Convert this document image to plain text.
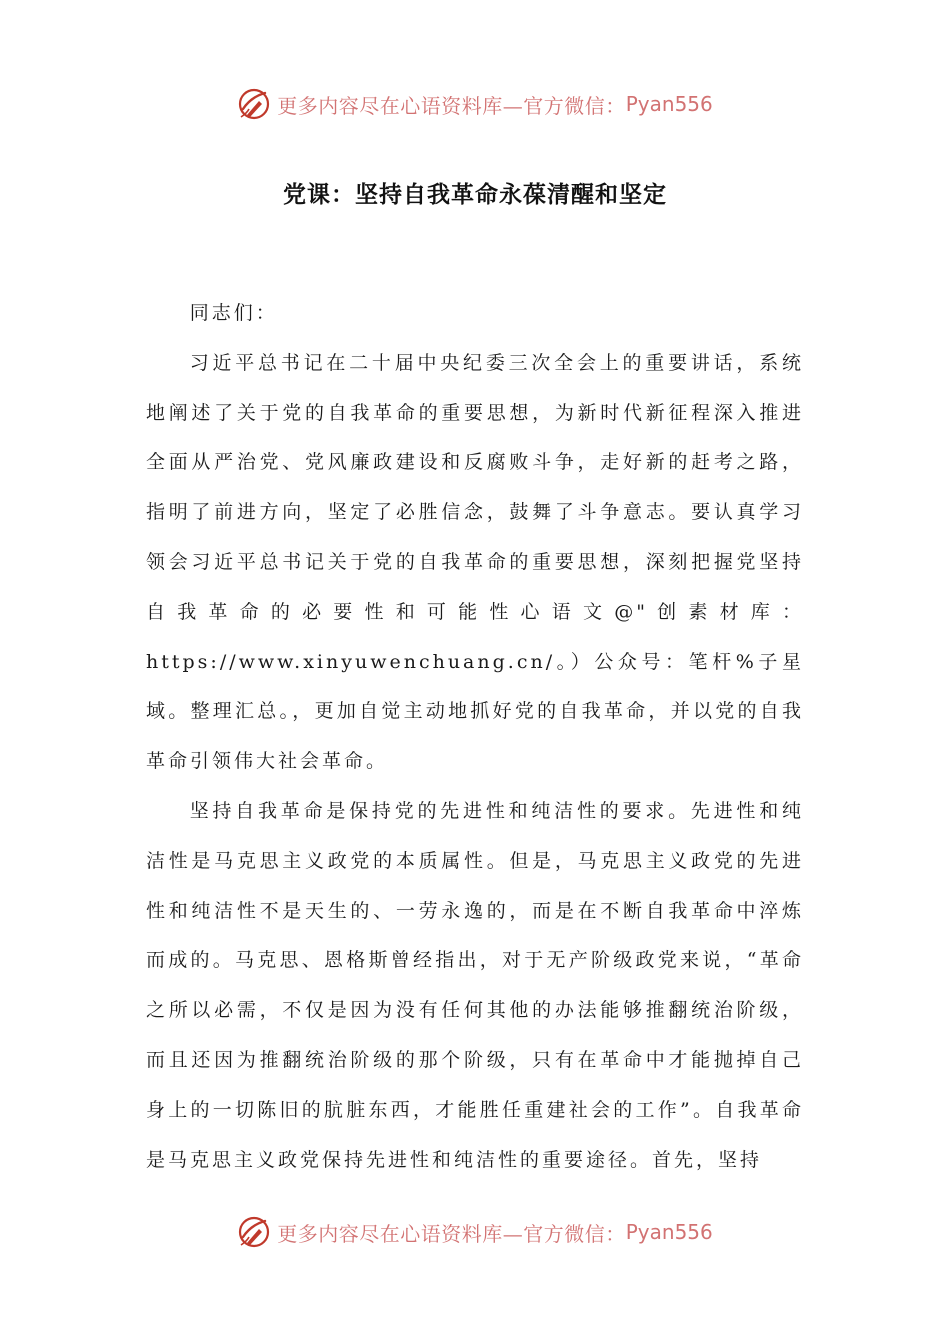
更多内容尽在心语资料库—官方微信： Pyan556
党课：坚持自我革命永葆清醒和坚定

同志们：

习近平总书记在二十届中央纪委三次全会上的重要讲话，系统地阐述了关于党的自我革命的重要思想，为新时代新征程深入推进全面从严治党、党风廉政建设和反腐败斗争，走好新的赶考之路，指明了前进方向，坚定了必胜信念，鼓舞了斗争意志。要认真学习领会习近平总书记关于党的自我革命的重要思想，深刻把握党坚持自我革命的必要性和可能性心语文@"创素材库：https://www.xinyuwenchuang.cn/。）公众号：笔杆%子星域。整理汇总。，更加自觉主动地抓好党的自我革命，并以党的自我革命引领伟大社会革命。

坚持自我革命是保持党的先进性和纯洁性的要求。先进性和纯洁性是马克思主义政党的本质属性。但是，马克思主义政党的先进性和纯洁性不是天生的、一劳永逸的，而是在不断自我革命中淬炼而成的。马克思、恩格斯曾经指出，对于无产阶级政党来说，“革命之所以必需，不仅是因为没有任何其他的办法能够推翻统治阶级，而且还因为推翻统治阶级的那个阶级，只有在革命中才能抛掉自己身上的一切陈旧的肮脏东西，才能胜任重建社会的工作”。自我革命是马克思主义政党保持先进性和纯洁性的重要途径。首先，坚持

更多内容尽在心语资料库—官方微信： Pyan556
